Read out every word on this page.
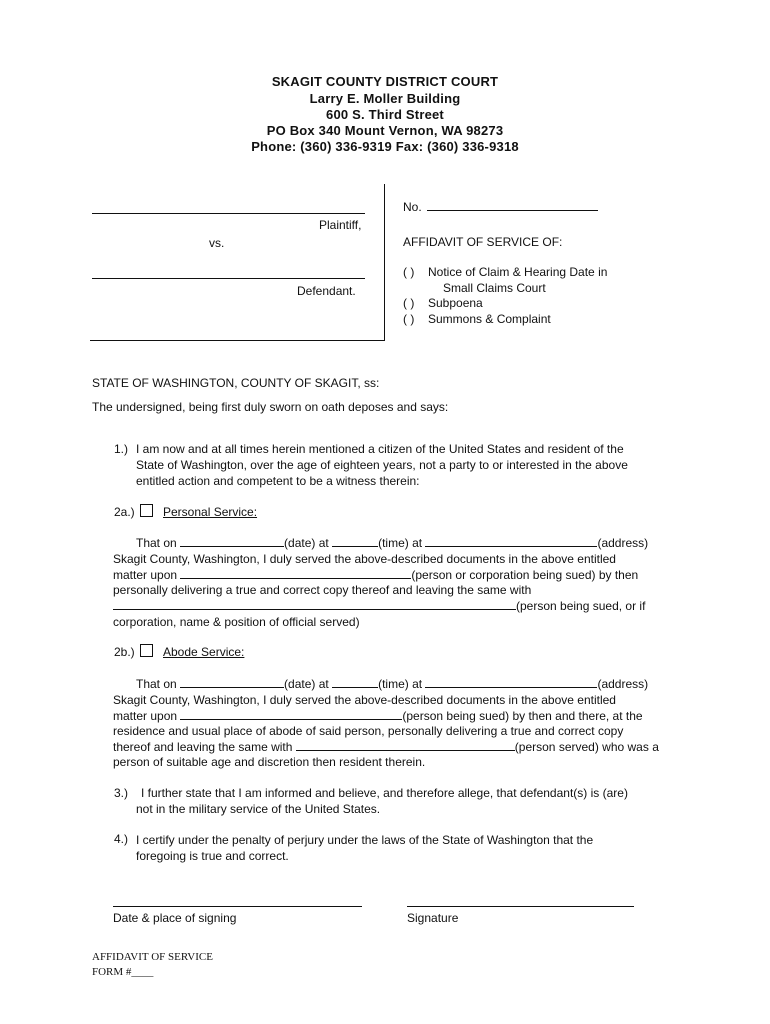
SKAGIT COUNTY DISTRICT COURT
Larry E. Moller Building
600 S. Third Street
PO Box 340 Mount Vernon, WA 98273
Phone: (360) 336-9319 Fax: (360) 336-9318
Plaintiff,
vs.
Defendant.
No.
AFFIDAVIT OF SERVICE OF:
( ) Notice of Claim & Hearing Date in
Small Claims Court
( ) Subpoena
( ) Summons & Complaint
STATE OF WASHINGTON, COUNTY OF SKAGIT, ss:
The undersigned, being first duly sworn on oath deposes and says:
1.) I am now and at all times herein mentioned a citizen of the United States and resident of the
State of Washington, over the age of eighteen years, not a party to or interested in the above
entitled action and competent to be a witness therein:
2a.) Personal Service:
That on	(date) at	(time) at	(address)
Skagit County, Washington, I duly served the above-described documents in the above entitled
matter upon	(person or corporation being sued) by then
personally delivering a true and correct copy thereof and leaving the same with
(person being sued, or if
corporation, name & position of official served)
2b.) Abode Service:
That on	(date) at	(time) at	(address)
Skagit County, Washington, I duly served the above-described documents in the above entitled
matter upon	(person being sued) by then and there, at the
residence and usual place of abode of said person, personally delivering a true and correct copy
thereof and leaving the same with	(person served) who was a
person of suitable age and discretion then resident therein.
3.)	I further state that I am informed and believe, and therefore allege, that defendant(s) is (are)
not in the military service of the United States.
4.) I certify under the penalty of perjury under the laws of the State of Washington that the
foregoing is true and correct.
Date & place of signing	Signature
AFFIDAVIT OF SERVICE
FORM #____
